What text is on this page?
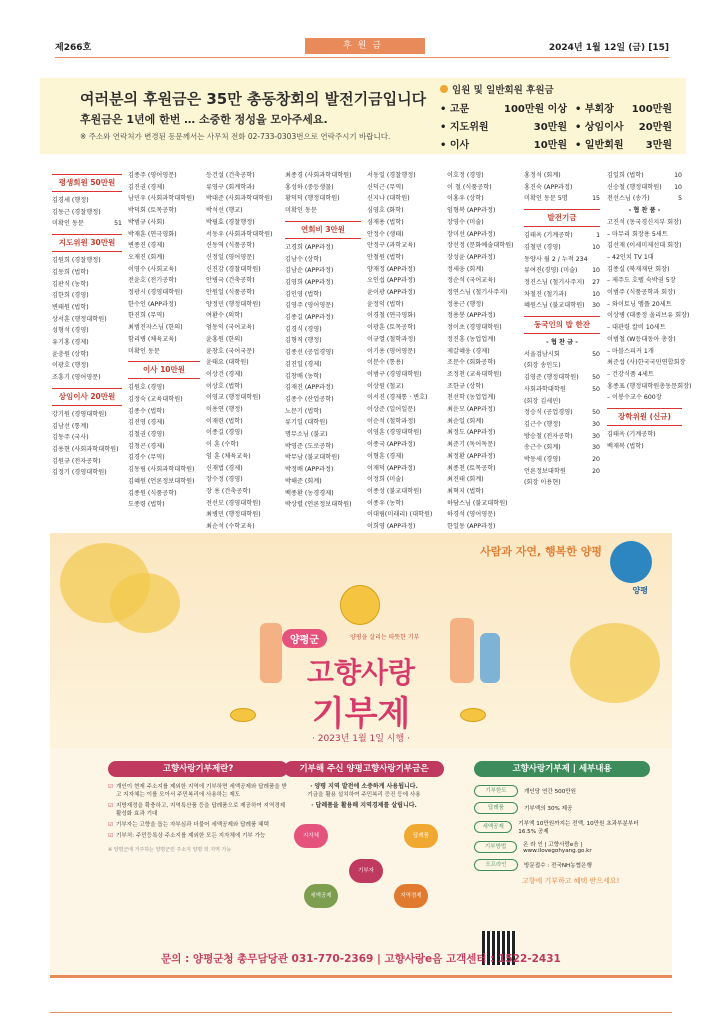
제266호	후원금	2024년 1월 12일 (금) [15]
여러분의 후원금은 35만 총동창회의 발전기금입니다
후원금은 1년에 한번 … 소중한 정성을 모아주세요.
※ 주소와 연락처가 변경된 동문께서는 사무처 전화 02-733-0303번으로 연락주시기 바랍니다.
임원 및 일반회원 후원금
• 고문	100만원 이상 • 부회장 100만원
• 지도위원	30만원 • 상임이사 20만원
• 이사	10만원 • 일반회원 3만원
평생회원 50만원
김경세 (행정)
김동근 (경찰행정)
미확인 동문	51
지도위원 30만원
김원희 (경찰행정)
김동희 (법학)
김판식 (농학)
김한희 (경영)
변태원 (법학)
상서훈 (행정대학원)
성형석 (경영)
유기홍 (경제)
윤충원 (상학)
이광호 (행정)
조흥기 (영어영문)
상임이사 20만원
강기원 (경영대학원)
김남선 (통계)
김동주 (국사)
김용현 (사회과학대학원)
김원규 (전자공학)
김정기 (경영대학원)
김종주 (영어영문)
김진권 (경제)
남민우 (사회과학대학원)
박덕회 (토목공학)
박범규 (사회)
박재훈 (연극영화)
변종진 (경제)
오재진 (회계)
이영수 (사회교육)
전윤호 (전기공학)
정광시 (경영대학원)
한수인 (APP과정)
한진희 (무역)
최범진자스님 (한의)
함리병 (체육교육)
미확인 동문
이사 10만원
김원호 (경영)
김정숙 (교육대학원)
김종수 (법학)
김진영 (경제)
김철권 (경영)
김청곤 (경제)
김경수 (무역)
김동림 (사회과학대학원)
김혜원 (언론정보대학원)
김종원 (식품공학)
도종령 (법학)
등건설 (건축공학)
류영구 (회계학과)
박대준 (사회과학대학원)
박석선 (행교)
박필효 (경찰행정)
서동우 (사회과학대학원)
신동역 (식품공학)
신정일 (영어영문)
신진감 (경찰대학원)
안병국 (건축공학)
안원일 (식품공학)
양정민 (행정대학원)
여환수 (의학)
엄동익 (국어교육)
윤홍원 (한의)
윤창호 (국어국문)
윤태요 (대학원)
이상건 (경제)
이상호 (법학)
이영교 (행정대학원)
이용연 (행정)
이재련 (법학)
이종길 (경영)
이 훈 (수학)
임 훈 (체육교육)
신재법 (경제)
장수정 (경영)
장 용 (건축공학)
전선모 (경영대학원)
최병민 (행정대학원)
최순석 (수학교육)
최종경 (사회과학대학원)
홍성하 (중등생물)
황덕덕 (행정대학원)
미확인 동문
연회비 3만원
고경희 (APP과정)
김남수 (상학)
김남순 (APP과정)
김영희 (APP과정)
김인영 (법학)
김영주 (영어영문)
김종길 (APP과정)
김경식 (경영)
김형직 (행정)
김종선 (공업경영)
김진일 (경제)
김창배 (농학)
김재진 (APP과정)
김종수 (산업공학)
노문기 (법학)
류기일 (대학원)
명무소님 (불교)
박영준 (도로공학)
박무남 (불교대학원)
박정배 (APP과정)
박해준 (회계)
백종환 (농경경제)
박상렬 (언론정보대학원)
서동일 (경찰행정)
신덕근 (무역)
신지나 (대학원)
심영호 (화학)
심재용 (법학)
안정수 (생태)
안정구 (과학교육)
안철원 (법학)
양재정 (APP과정)
오인섭 (APP과정)
윤이광 (APP과정)
윤정익 (법학)
이경철 (연극영화)
이광훈 (토목공학)
이규열 (철학과정)
이기용 (영어영문)
이문수 (통용)
이범구 (경영대학원)
이상원 (철교)
이서진 (경제통 · 변호)
이상준 (일어일문)
이순석 (철학과정)
이영훈 (경영대학원)
이종국 (APP과정)
이형훈 (경제)
이재덕 (APP과정)
이정희 (미술)
이종성 (불교대학원)
이종우 (농학)
이대림(미래리) (대학원)
이희영 (APP과정)
이호정 (경영)
이 철 (식품공학)
이홍우 (상학)
임형복 (APP과정)
장영수 (미술)
장미선 (APP과정)
장선정 (문화예술대학원)
장성윤 (APP과정)
정세웅 (회계)
정순석 (국어교육)
정연스님 (철기사주지)
정용근 (행정)
정용봉 (APP과정)
정이초 (경영대학원)
정진흥 (농업업계)
제갈혜웅 (경제)
조문수 (회화공학)
조정천 (교육대학원)
조한규 (상학)
천선학 (농업업계)
최운모 (APP과정)
최순일 (회계)
최정도 (APP과정)
최준기 (독어독문)
최정환 (APP과정)
최종천 (토목공학)
최진태 (회계)
최혁지 (법학)
하담스님 (불교대학원)
하경석 (영어영문)
한일동 (APP과정)
홍정석 (회계)
홍진숙 (APP과정)
미확인 동문 5명	15
발전기금
김태옥 (기계공학)	1
김철민 (경영)	10
동양사 월 2 / 누적 234
류여진(경영) (미술) 10
정진스님 (철기사주지) 27
차철진 (철기과)	10
혜원스님 (불교대학원) 30
동국인의 밥 한잔
- 협 찬 금 -
서울검남시회	50
(회장 송인도)
김영준 (행정대학원) 50
사회과학대학원	50
(회장 김세민)
정승식 (공업경영)	50
김근수 (행정)	30
방승철 (전자공학)	30
송근수 (회계)	30
박동세 (경영)	20
언론정보대학원	20
(회장 이용현)
김일희 (법학)	10
신승철 (행정대학원) 10
전선스님 (송가)	5
- 협 찬 품 -
고진석 (동국경신지부 회장)
– 마무리 회장용 5세트
김선재 (이세미제선대 회장)
– 42인치 TV 1대
김종실 (북재재단 회장)
– 제주도 호텔 숙박권 5장
이범주 (식품공학과 회장)
– 와이토닝 앰플 20세트
이상병 (대종정 올리브유 회장)
– 대관령 칼비 10세트
이범철 (W등대동아 총장)
– 마블스피커 1개
최준섭 (사)한국국민연합회장
– 건강식품 4세트
홍종표 (행정대학원총동문회장)
– 이봉수교수 600장
장학위원 (신규)
김태옥 (기계공학)
백재복 (법학)
사람과 자연, 행복한 양평
양평
양평군	양평을 살리는 따뜻한 기부
고향사랑
기부제
· 2023년 1월 1일 시행 ·
고향사랑기부제란?

☑ 개인이 현재 주소지를 제외한 지역에 기부하면 세액공제와 답례품을 받고 지자체는 이를 모아서 주민복리에 사용하는 제도

☑ 지방재정을 확충하고, 지역특산품 등을 답례품으로 제공하여 지역경제 활성화 효과 기대

☑ 기부자는 고향을 돕는 자부심과 더불어 세액공제와 답례품 혜택

☑ 기부처: 주민등록상 주소지를 제외한 모든 지자체에 기부 가능

※ 양평군에 거주하는 양평군민 주소지 양평 외 지역 가능
기부해 주신 양평고향사랑기부금은
· 양평 지역 발전에 소중하게 사용됩니다.
기금을 활용 설치하여 주민복리 증진 등에 사용
· 답례품을 활용해 지역경제를 살립니다.
지자체
기부자
답례품
세액공제	지역경제
고향사랑기부제 | 세부내용
기부한도	개인당 연간 500만원
답례품	기부액의 30% 제공
세액공제	기부액 10만원까지는 전액, 10만원 초과부분부터 16.5% 공제
기부방법	온 라 인 | 고향사랑e음 | www.ilovegohyang.go.kr
오프라인	방문접수 : 전국NH농협은행
고향에 기부하고 혜택 받으세요!
문의 : 양평군청 총무담당관 031-770-2369 | 고향사랑e음 고객센터 : 1522-2431
